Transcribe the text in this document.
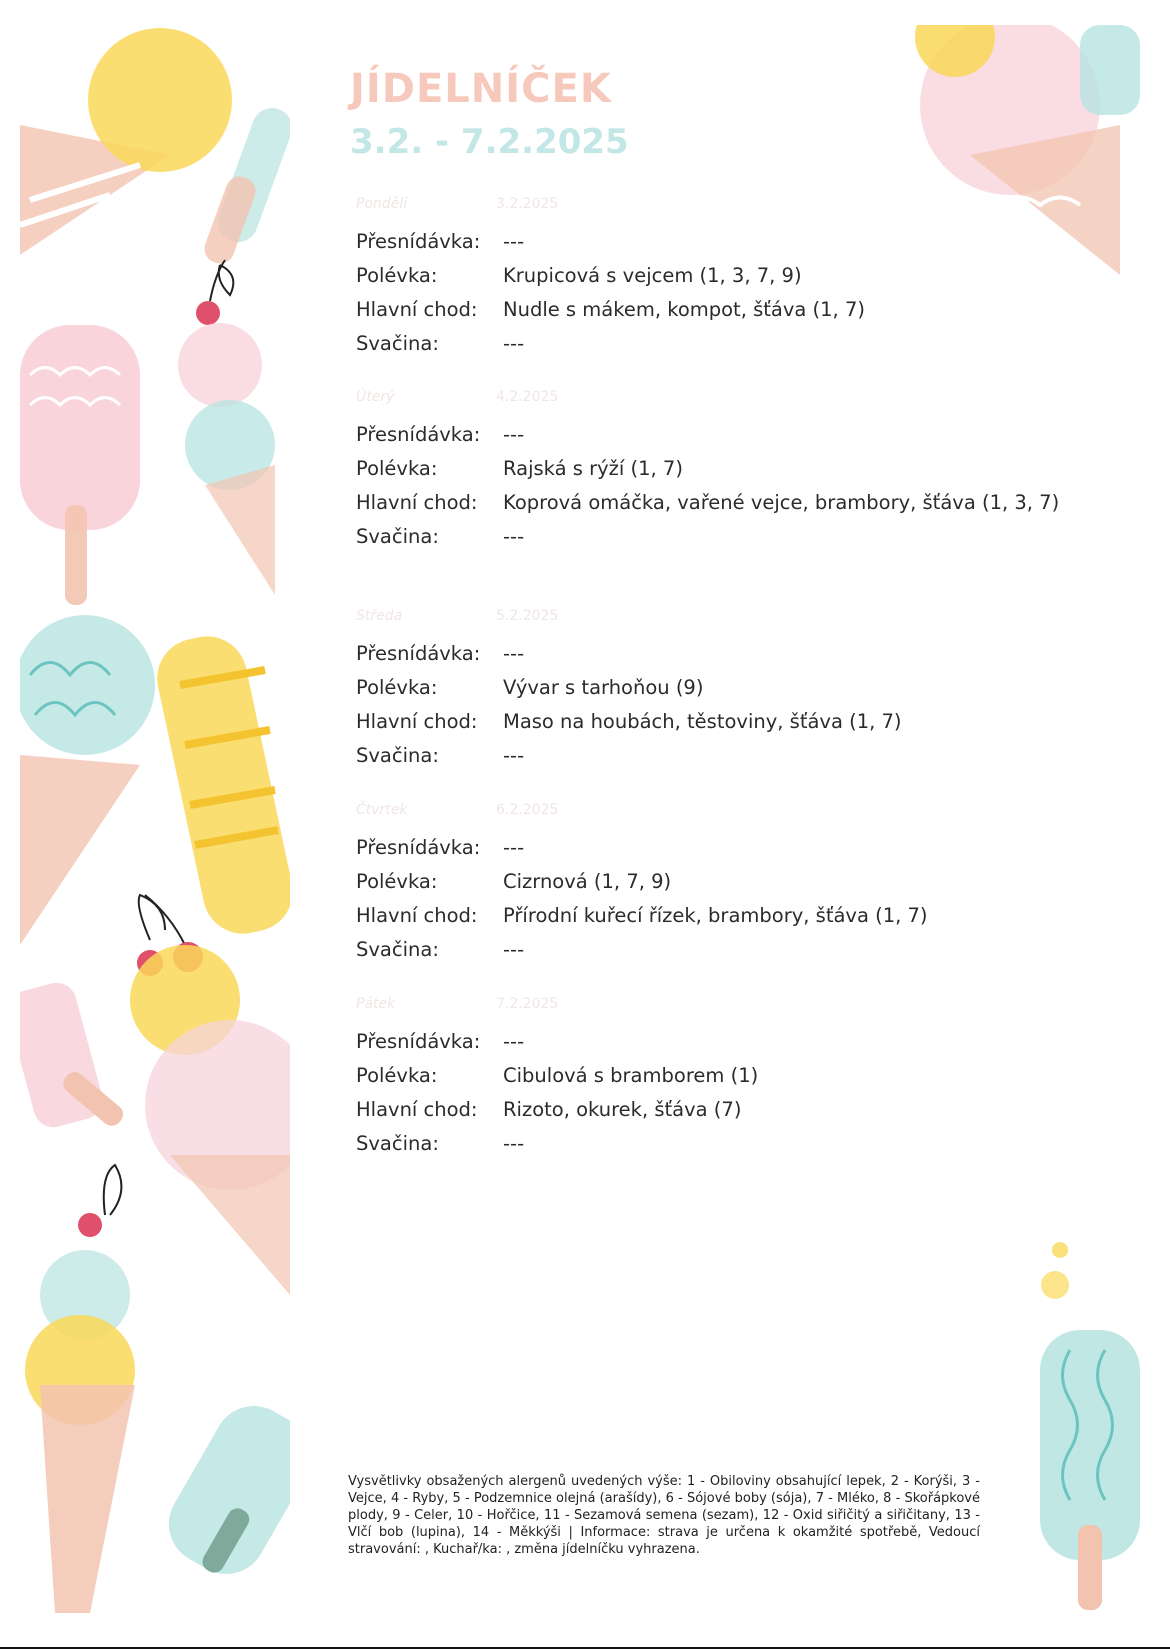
JÍDELNÍČEK
3.2. - 7.2.2025
Pondělí	3.2.2025
Přesnídávka:	---
Polévka:	Krupicová s vejcem (1, 3, 7, 9)
Hlavní chod:	Nudle s mákem, kompot, šťáva (1, 7)
Svačina:	---
Úterý	4.2.2025
Přesnídávka:	---
Polévka:	Rajská s rýží (1, 7)
Hlavní chod:	Koprová omáčka, vařené vejce, brambory, šťáva (1, 3, 7)
Svačina:	---
Středa	5.2.2025
Přesnídávka:	---
Polévka:	Vývar s tarhoňou (9)
Hlavní chod:	Maso na houbách, těstoviny, šťáva (1, 7)
Svačina:	---
Čtvrtek	6.2.2025
Přesnídávka:	---
Polévka:	Cizrnová (1, 7, 9)
Hlavní chod:	Přírodní kuřecí řízek, brambory, šťáva (1, 7)
Svačina:	---
Pátek	7.2.2025
Přesnídávka:	---
Polévka:	Cibulová s bramborem (1)
Hlavní chod:	Rizoto, okurek, šťáva (7)
Svačina:	---

Vysvětlivky obsažených alergenů uvedených výše: 1 - Obiloviny obsahující lepek, 2 - Korýši, 3 - Vejce, 4 - Ryby, 5 - Podzemnice olejná (arašídy), 6 - Sójové boby (sója), 7 - Mléko, 8 - Skořápkové plody, 9 - Celer, 10 - Hořčice, 11 - Sezamová semena (sezam), 12 - Oxid siřičitý a siřičitany, 13 - Vlčí bob (lupina), 14 - Měkkýši | Informace: strava je určena k okamžité spotřebě, Vedoucí stravování: , Kuchař/ka: , změna jídelníčku vyhrazena.
